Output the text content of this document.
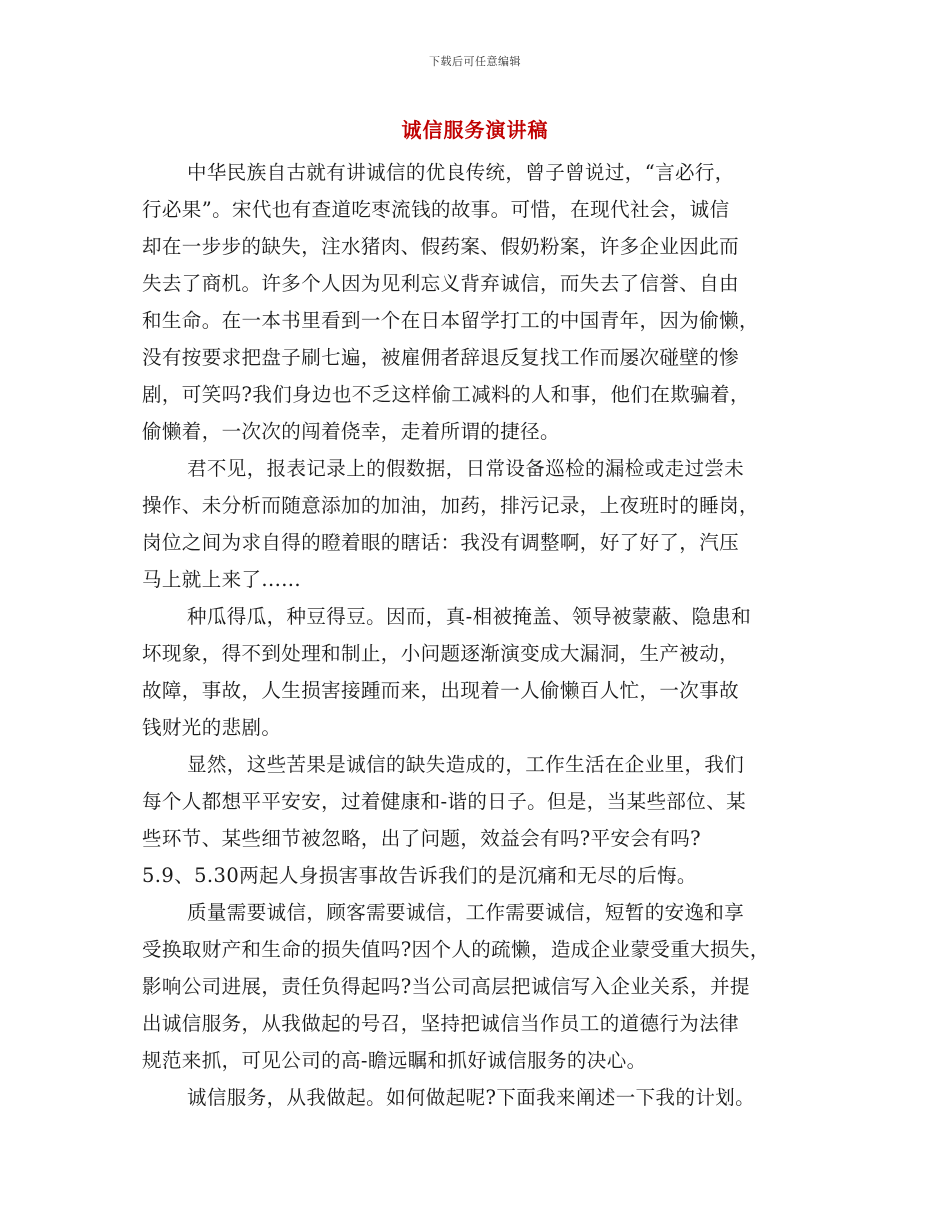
下载后可任意编辑
诚信服务演讲稿
中华民族自古就有讲诚信的优良传统，曾子曾说过，“言必行，
行必果”。宋代也有查道吃枣流钱的故事。可惜，在现代社会，诚信
却在一步步的缺失，注水猪肉、假药案、假奶粉案，许多企业因此而
失去了商机。许多个人因为见利忘义背弃诚信，而失去了信誉、自由
和生命。在一本书里看到一个在日本留学打工的中国青年，因为偷懒，
没有按要求把盘子刷七遍，被雇佣者辞退反复找工作而屡次碰壁的惨
剧，可笑吗?我们身边也不乏这样偷工减料的人和事，他们在欺骗着，
偷懒着，一次次的闯着侥幸，走着所谓的捷径。
君不见，报表记录上的假数据，日常设备巡检的漏检或走过尝未
操作、未分析而随意添加的加油，加药，排污记录，上夜班时的睡岗，
岗位之间为求自得的瞪着眼的瞎话：我没有调整啊，好了好了，汽压
马上就上来了......
种瓜得瓜，种豆得豆。因而，真-相被掩盖、领导被蒙蔽、隐患和
坏现象，得不到处理和制止，小问题逐渐演变成大漏洞，生产被动，
故障，事故，人生损害接踵而来，出现着一人偷懒百人忙，一次事故
钱财光的悲剧。
显然，这些苦果是诚信的缺失造成的，工作生活在企业里，我们
每个人都想平平安安，过着健康和-谐的日子。但是，当某些部位、某
些环节、某些细节被忽略，出了问题，效益会有吗?平安会有吗?
5.9、5.30两起人身损害事故告诉我们的是沉痛和无尽的后悔。
质量需要诚信，顾客需要诚信，工作需要诚信，短暂的安逸和享
受换取财产和生命的损失值吗?因个人的疏懒，造成企业蒙受重大损失，
影响公司进展，责任负得起吗?当公司高层把诚信写入企业关系，并提
出诚信服务，从我做起的号召，坚持把诚信当作员工的道德行为法律
规范来抓，可见公司的高-瞻远瞩和抓好诚信服务的决心。
诚信服务，从我做起。如何做起呢?下面我来阐述一下我的计划。
